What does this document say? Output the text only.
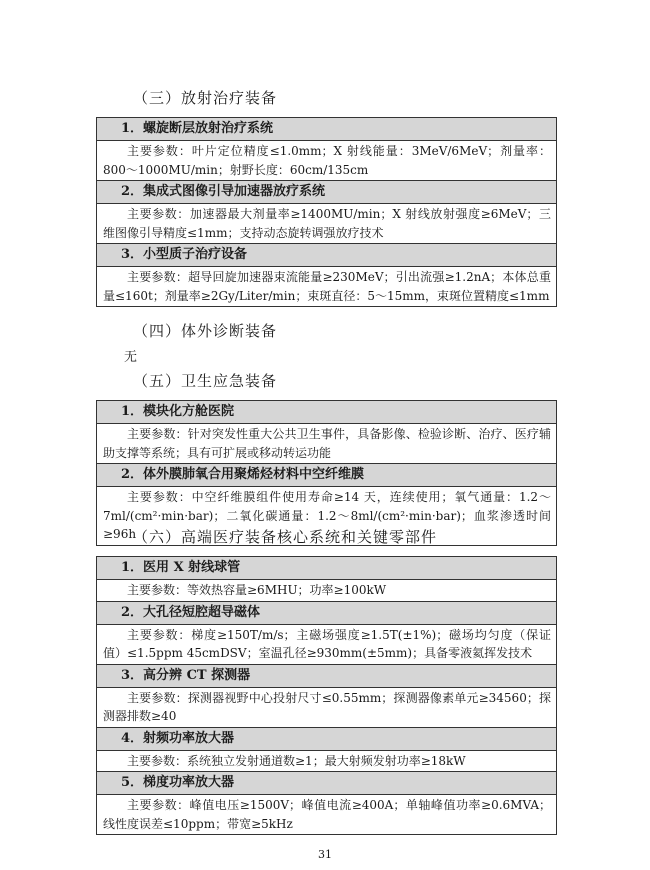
（三）放射治疗装备
1．螺旋断层放射治疗系统
主要参数：叶片定位精度≤1.0mm；X 射线能量：3MeV/6MeV；剂量率：800～1000MU/min；射野长度：60cm/135cm
2．集成式图像引导加速器放疗系统
主要参数：加速器最大剂量率≥1400MU/min；X 射线放射强度≥6MeV；三维图像引导精度≤1mm；支持动态旋转调强放疗技术
3．小型质子治疗设备
主要参数：超导回旋加速器束流能量≥230MeV；引出流强≥1.2nA；本体总重量≤160t；剂量率≥2Gy/Liter/min；束斑直径：5～15mm，束斑位置精度≤1mm
（四）体外诊断装备
无
（五）卫生应急装备
1．模块化方舱医院
主要参数：针对突发性重大公共卫生事件，具备影像、检验诊断、治疗、医疗辅助支撑等系统；具有可扩展或移动转运功能
2．体外膜肺氧合用聚烯烃材料中空纤维膜
主要参数：中空纤维膜组件使用寿命≥14 天，连续使用；氧气通量：1.2～7ml/(cm²·min·bar)；二氧化碳通量：1.2～8ml/(cm²·min·bar)；血浆渗透时间≥96h
（六）高端医疗装备核心系统和关键零部件
1．医用 X 射线球管
主要参数：等效热容量≥6MHU；功率≥100kW
2．大孔径短腔超导磁体
主要参数：梯度≥150T/m/s；主磁场强度≥1.5T(±1%)；磁场均匀度（保证值）≤1.5ppm 45cmDSV；室温孔径≥930mm(±5mm)；具备零液氦挥发技术
3．高分辨 CT 探测器
主要参数：探测器视野中心投射尺寸≤0.55mm；探测器像素单元≥34560；探测器排数≥40
4．射频功率放大器
主要参数：系统独立发射通道数≥1；最大射频发射功率≥18kW
5．梯度功率放大器
主要参数：峰值电压≥1500V；峰值电流≥400A；单轴峰值功率≥0.6MVA；线性度误差≤10ppm；带宽≥5kHz
31
